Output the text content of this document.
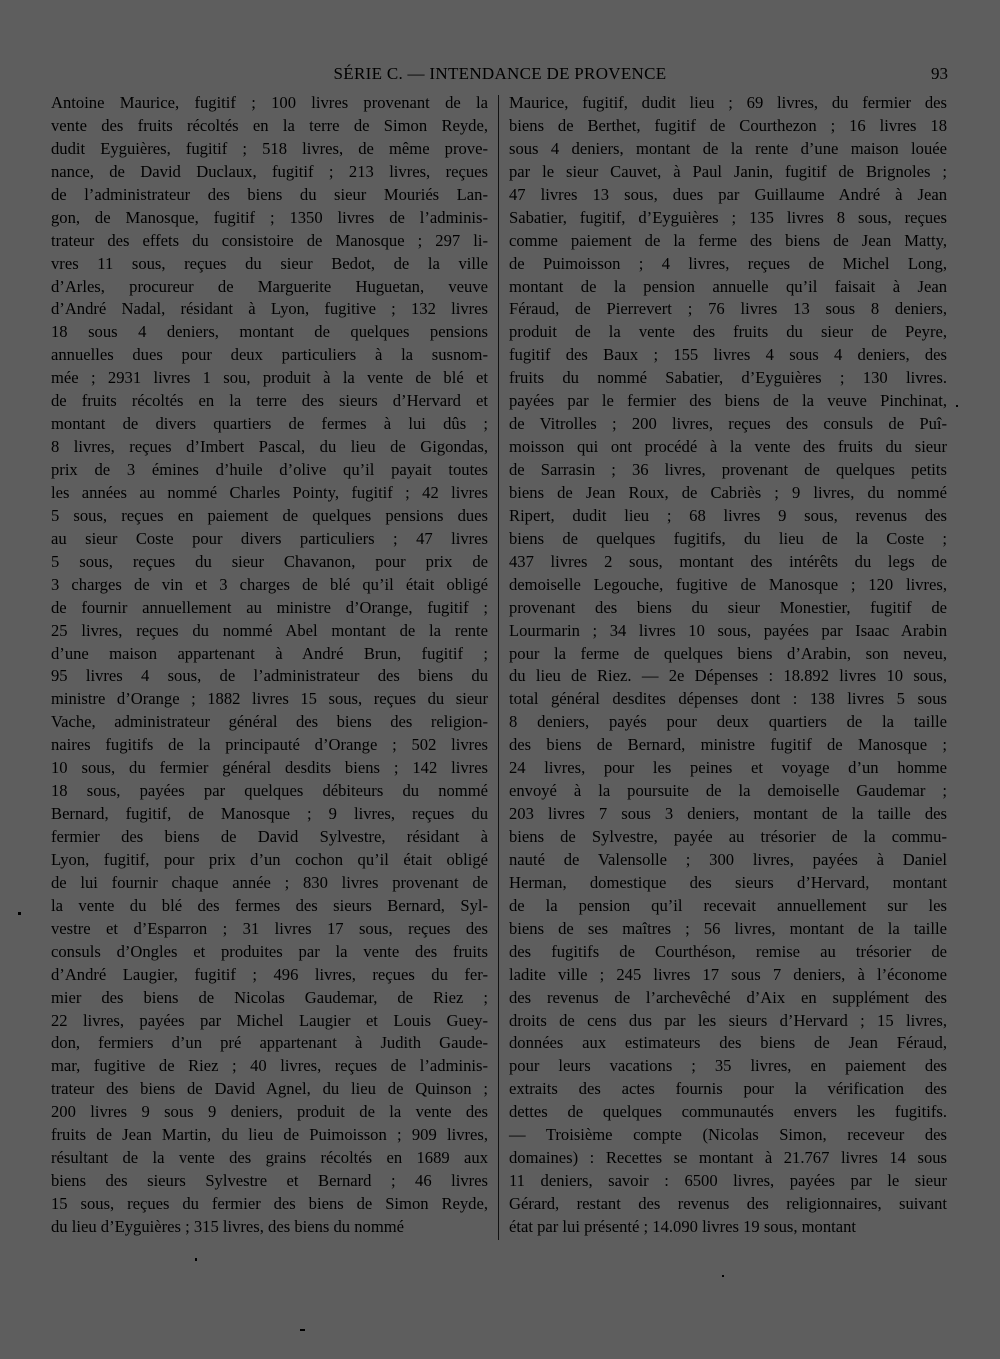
SÉRIE C. — INTENDANCE DE PROVENCE	93
Antoine Maurice, fugitif ; 100 livres provenant de la
vente des fruits récoltés en la terre de Simon Reyde,
dudit Eyguières, fugitif ; 518 livres, de même prove-
nance, de David Duclaux, fugitif ; 213 livres, reçues
de l’administrateur des biens du sieur Mouriés Lan-
gon, de Manosque, fugitif ; 1350 livres de l’adminis-
trateur des effets du consistoire de Manosque ; 297 li-
vres 11 sous, reçues du sieur Bedot, de la ville
d’Arles, procureur de Marguerite Huguetan, veuve
d’André Nadal, résidant à Lyon, fugitive ; 132 livres
18 sous 4 deniers, montant de quelques pensions
annuelles dues pour deux particuliers à la susnom-
mée ; 2931 livres 1 sou, produit à la vente de blé et
de fruits récoltés en la terre des sieurs d’Hervard et
montant de divers quartiers de fermes à lui dûs ;
8 livres, reçues d’Imbert Pascal, du lieu de Gigondas,
prix de 3 émines d’huile d’olive qu’il payait toutes
les années au nommé Charles Pointy, fugitif ; 42 livres
5 sous, reçues en paiement de quelques pensions dues
au sieur Coste pour divers particuliers ; 47 livres
5 sous, reçues du sieur Chavanon, pour prix de
3 charges de vin et 3 charges de blé qu’il était obligé
de fournir annuellement au ministre d’Orange, fugitif ;
25 livres, reçues du nommé Abel montant de la rente
d’une maison appartenant à André Brun, fugitif ;
95 livres 4 sous, de l’administrateur des biens du
ministre d’Orange ; 1882 livres 15 sous, reçues du sieur
Vache, administrateur général des biens des religion-
naires fugitifs de la principauté d’Orange ; 502 livres
10 sous, du fermier général desdits biens ; 142 livres
18 sous, payées par quelques débiteurs du nommé
Bernard, fugitif, de Manosque ; 9 livres, reçues du
fermier des biens de David Sylvestre, résidant à
Lyon, fugitif, pour prix d’un cochon qu’il était obligé
de lui fournir chaque année ; 830 livres provenant de
la vente du blé des fermes des sieurs Bernard, Syl-
vestre et d’Esparron ; 31 livres 17 sous, reçues des
consuls d’Ongles et produites par la vente des fruits
d’André Laugier, fugitif ; 496 livres, reçues du fer-
mier des biens de Nicolas Gaudemar, de Riez ;
22 livres, payées par Michel Laugier et Louis Guey-
don, fermiers d’un pré appartenant à Judith Gaude-
mar, fugitive de Riez ; 40 livres, reçues de l’adminis-
trateur des biens de David Agnel, du lieu de Quinson ;
200 livres 9 sous 9 deniers, produit de la vente des
fruits de Jean Martin, du lieu de Puimoisson ; 909 livres,
résultant de la vente des grains récoltés en 1689 aux
biens des sieurs Sylvestre et Bernard ; 46 livres
15 sous, reçues du fermier des biens de Simon Reyde,
du lieu d’Eyguières ; 315 livres, des biens du nommé
Maurice, fugitif, dudit lieu ; 69 livres, du fermier des
biens de Berthet, fugitif de Courthezon ; 16 livres 18
sous 4 deniers, montant de la rente d’une maison louée
par le sieur Cauvet, à Paul Janin, fugitif de Brignoles ;
47 livres 13 sous, dues par Guillaume André à Jean
Sabatier, fugitif, d’Eyguières ; 135 livres 8 sous, reçues
comme paiement de la ferme des biens de Jean Matty,
de Puimoisson ; 4 livres, reçues de Michel Long,
montant de la pension annuelle qu’il faisait à Jean
Féraud, de Pierrevert ; 76 livres 13 sous 8 deniers,
produit de la vente des fruits du sieur de Peyre,
fugitif des Baux ; 155 livres 4 sous 4 deniers, des
fruits du nommé Sabatier, d’Eyguières ; 130 livres.
payées par le fermier des biens de la veuve Pinchinat,
de Vitrolles ; 200 livres, reçues des consuls de Puî-
moisson qui ont procédé à la vente des fruits du sieur
de Sarrasin ; 36 livres, provenant de quelques petits
biens de Jean Roux, de Cabriès ; 9 livres, du nommé
Ripert, dudit lieu ; 68 livres 9 sous, revenus des
biens de quelques fugitifs, du lieu de la Coste ;
437 livres 2 sous, montant des intérêts du legs de
demoiselle Legouche, fugitive de Manosque ; 120 livres,
provenant des biens du sieur Monestier, fugitif de
Lourmarin ; 34 livres 10 sous, payées par Isaac Arabin
pour la ferme de quelques biens d’Arabin, son neveu,
du lieu de Riez. — 2e Dépenses : 18.892 livres 10 sous,
total général desdites dépenses dont : 138 livres 5 sous
8 deniers, payés pour deux quartiers de la taille
des biens de Bernard, ministre fugitif de Manosque ;
24 livres, pour les peines et voyage d’un homme
envoyé à la poursuite de la demoiselle Gaudemar ;
203 livres 7 sous 3 deniers, montant de la taille des
biens de Sylvestre, payée au trésorier de la commu-
nauté de Valensolle ; 300 livres, payées à Daniel
Herman, domestique des sieurs d’Hervard, montant
de la pension qu’il recevait annuellement sur les
biens de ses maîtres ; 56 livres, montant de la taille
des fugitifs de Courthéson, remise au trésorier de
ladite ville ; 245 livres 17 sous 7 deniers, à l’économe
des revenus de l’archevêché d’Aix en supplément des
droits de cens dus par les sieurs d’Hervard ; 15 livres,
données aux estimateurs des biens de Jean Féraud,
pour leurs vacations ; 35 livres, en paiement des
extraits des actes fournis pour la vérification des
dettes de quelques communautés envers les fugitifs.
— Troisième compte (Nicolas Simon, receveur des
domaines) : Recettes se montant à 21.767 livres 14 sous
11 deniers, savoir : 6500 livres, payées par le sieur
Gérard, restant des revenus des religionnaires, suivant
état par lui présenté ; 14.090 livres 19 sous, montant
